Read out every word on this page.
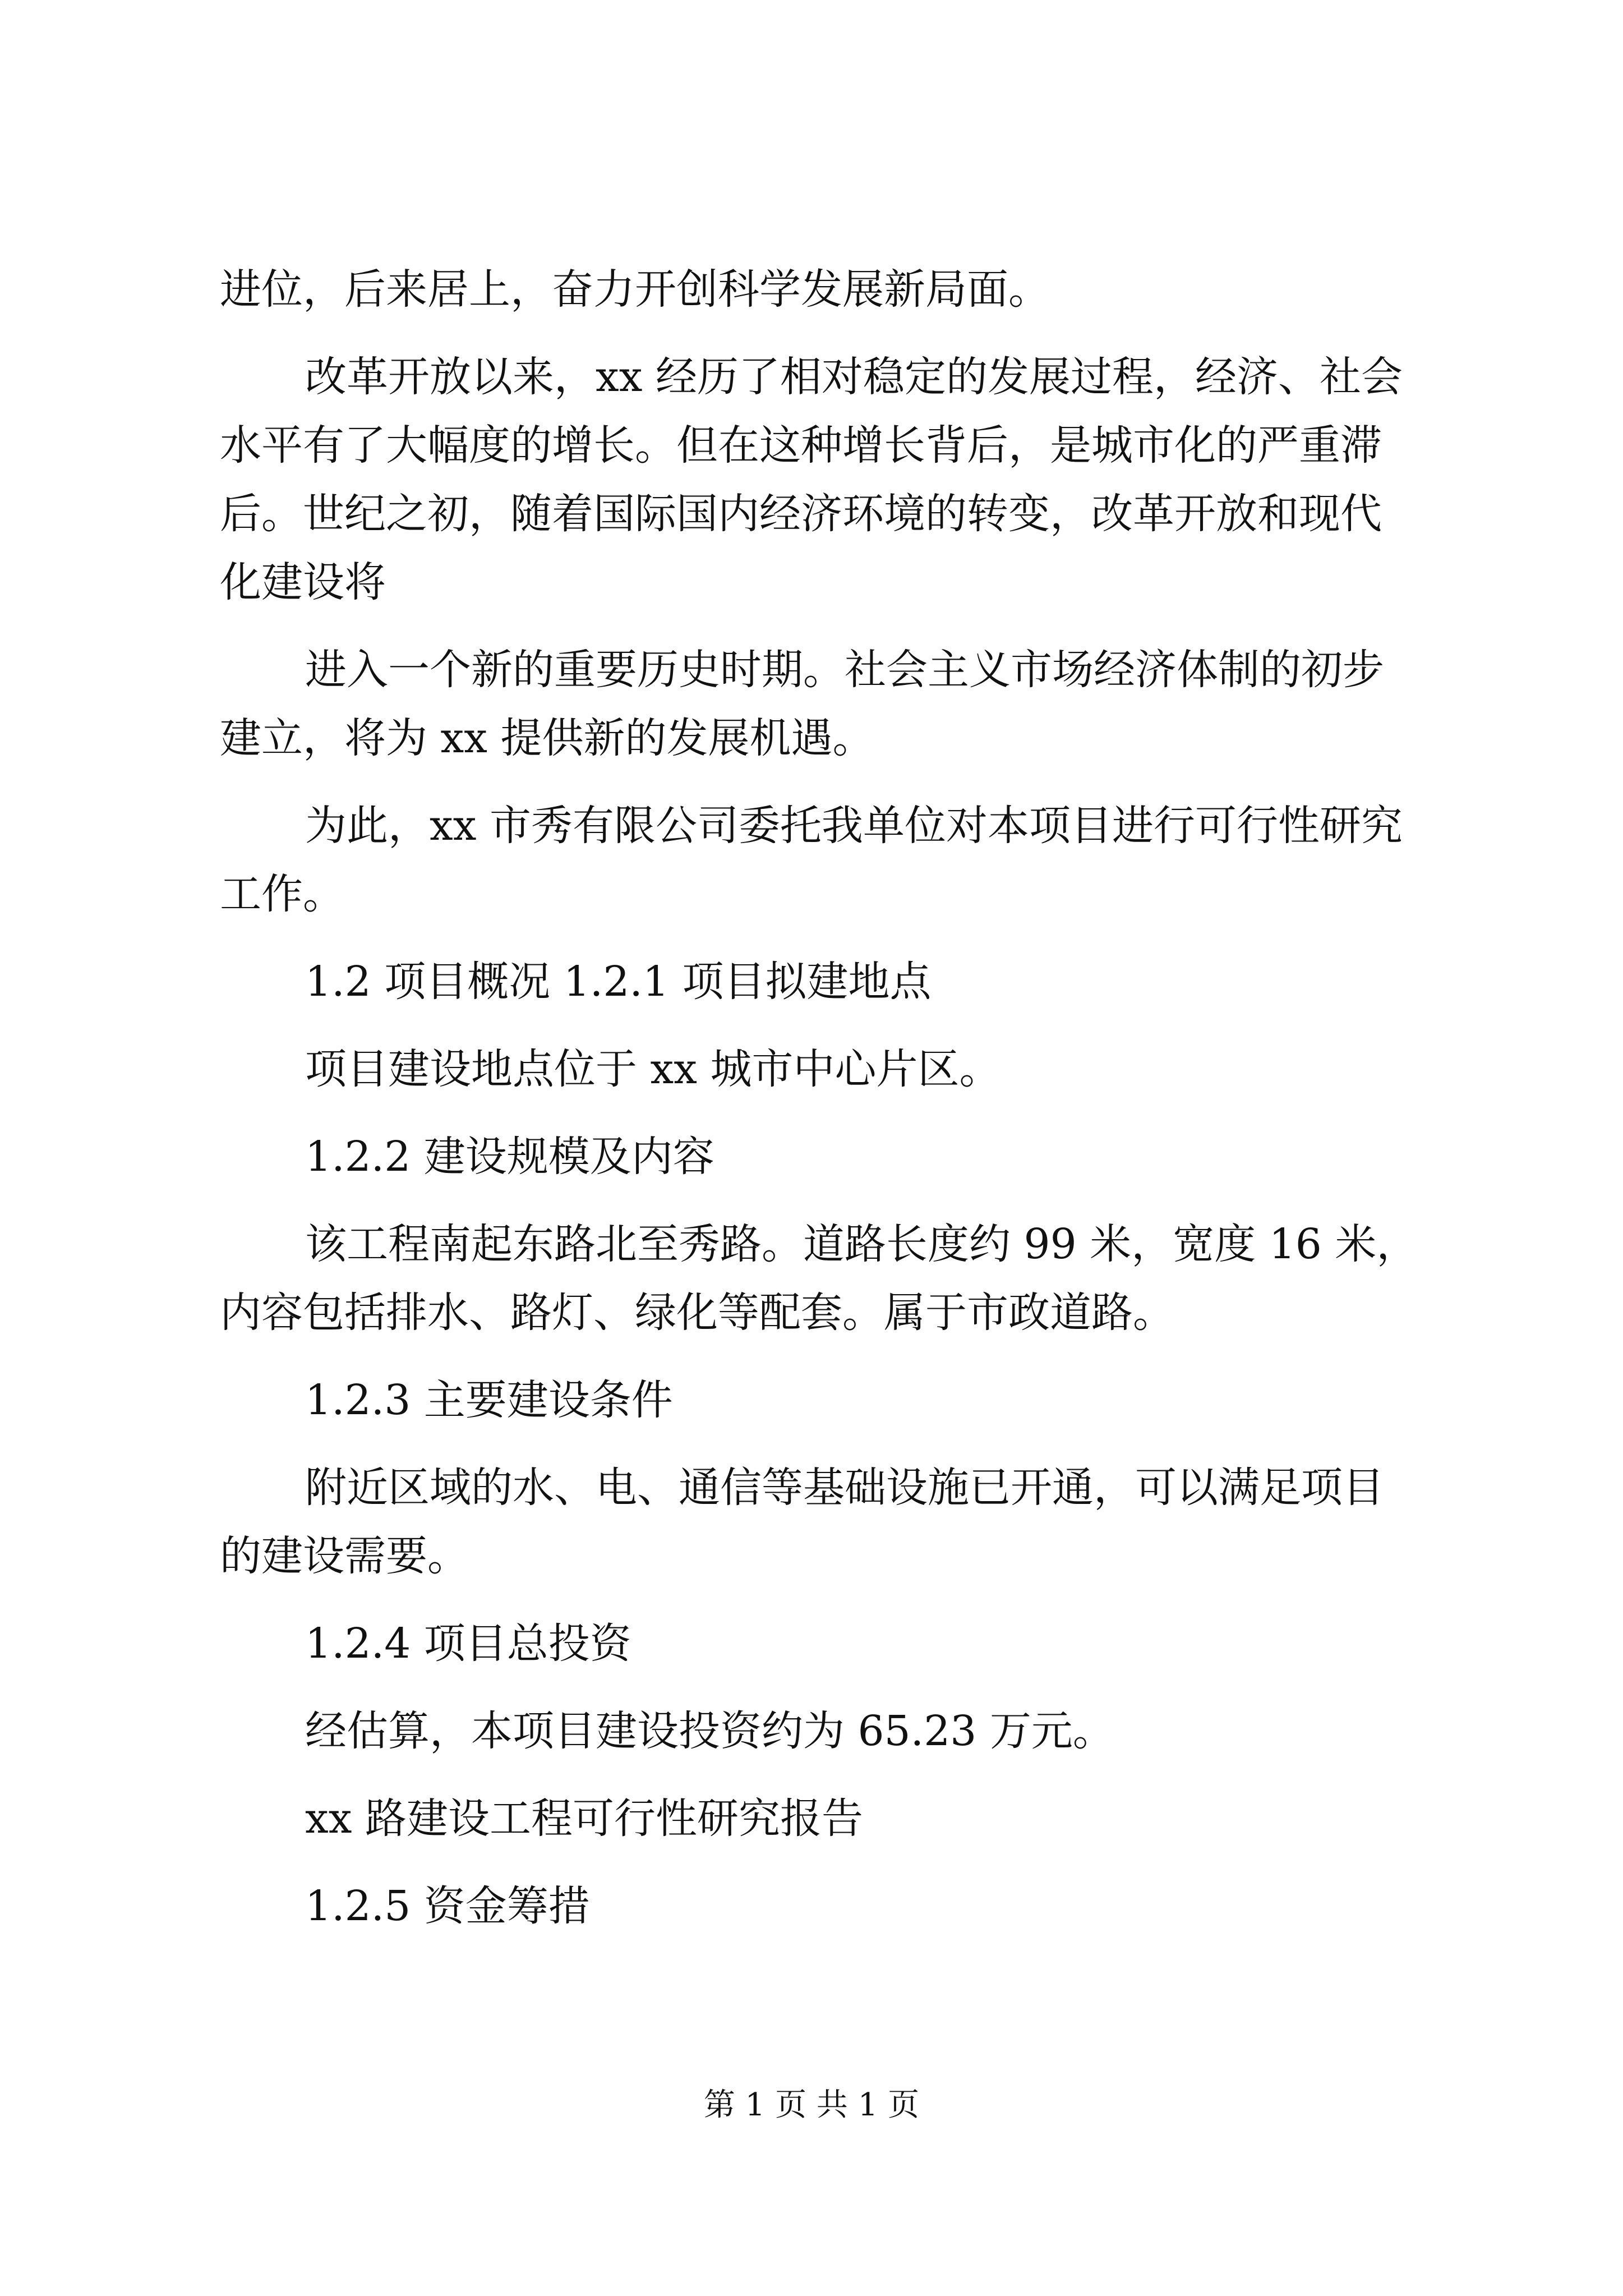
进位，后来居上，奋力开创科学发展新局面。

改革开放以来，xx 经历了相对稳定的发展过程，经济、社会水平有了大幅度的增长。但在这种增长背后，是城市化的严重滞后。世纪之初，随着国际国内经济环境的转变，改革开放和现代化建设将

进入一个新的重要历史时期。社会主义市场经济体制的初步建立，将为 xx 提供新的发展机遇。

为此，xx 市秀有限公司委托我单位对本项目进行可行性研究工作。

1.2 项目概况 1.2.1 项目拟建地点

项目建设地点位于 xx 城市中心片区。

1.2.2 建设规模及内容

该工程南起东路北至秀路。道路长度约 99 米，宽度 16 米，内容包括排水、路灯、绿化等配套。属于市政道路。

1.2.3 主要建设条件

附近区域的水、电、通信等基础设施已开通，可以满足项目的建设需要。

1.2.4 项目总投资

经估算，本项目建设投资约为 65.23 万元。

xx 路建设工程可行性研究报告

1.2.5 资金筹措

第 1 页 共 1 页
